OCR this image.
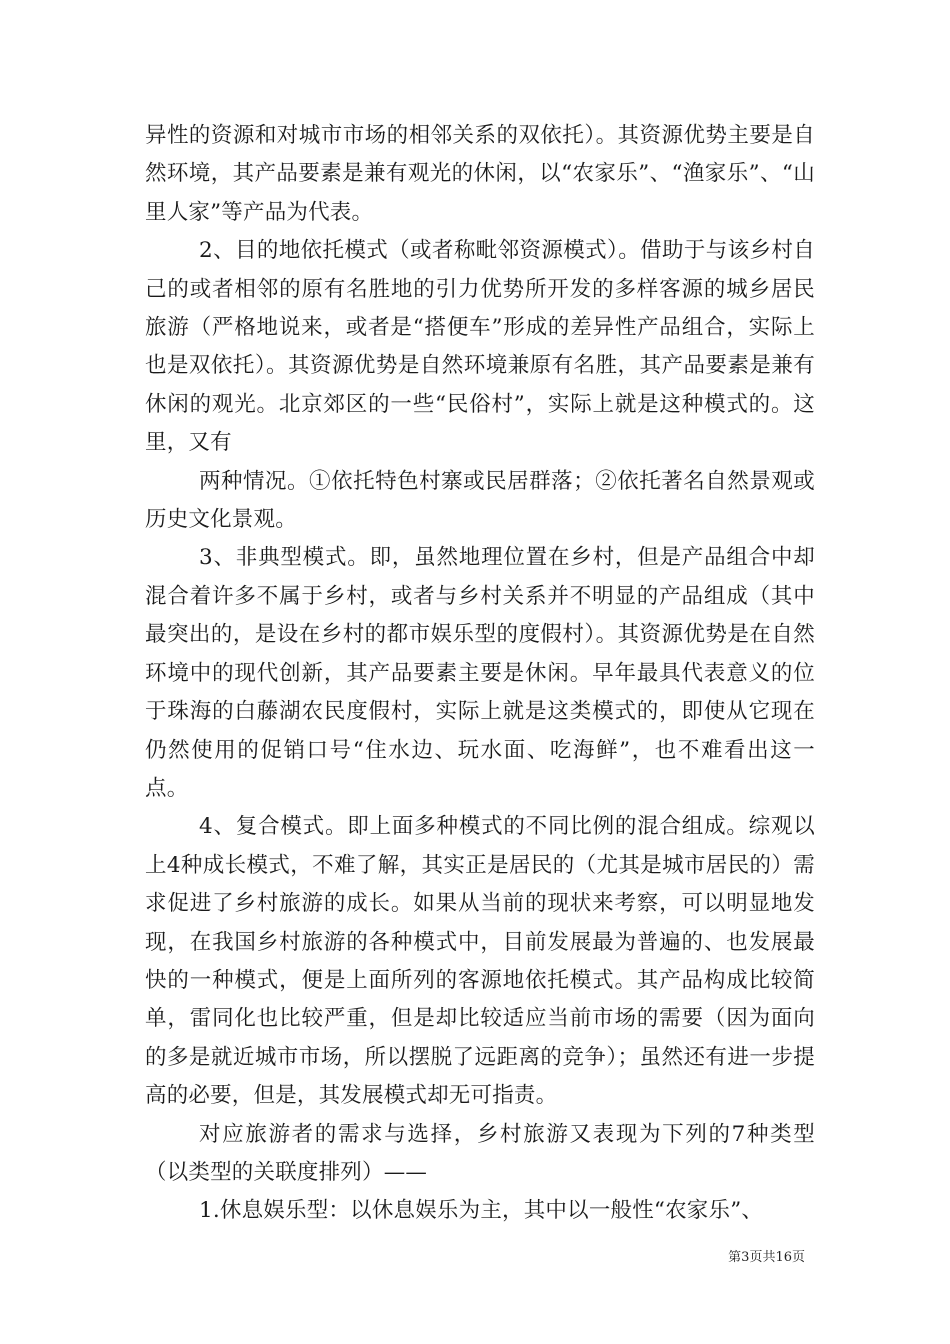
异性的资源和对城市市场的相邻关系的双依托）。其资源优势主要是自然环境，其产品要素是兼有观光的休闲，以“农家乐”、“渔家乐”、“山里人家”等产品为代表。

2、目的地依托模式（或者称毗邻资源模式）。借助于与该乡村自己的或者相邻的原有名胜地的引力优势所开发的多样客源的城乡居民旅游（严格地说来，或者是“搭便车”形成的差异性产品组合，实际上也是双依托）。其资源优势是自然环境兼原有名胜，其产品要素是兼有休闲的观光。北京郊区的一些“民俗村”，实际上就是这种模式的。这里，又有

两种情况。①依托特色村寨或民居群落；②依托著名自然景观或历史文化景观。

3、非典型模式。即，虽然地理位置在乡村，但是产品组合中却混合着许多不属于乡村，或者与乡村关系并不明显的产品组成（其中最突出的，是设在乡村的都市娱乐型的度假村）。其资源优势是在自然环境中的现代创新，其产品要素主要是休闲。早年最具代表意义的位于珠海的白藤湖农民度假村，实际上就是这类模式的，即使从它现在仍然使用的促销口号“住水边、玩水面、吃海鲜”，也不难看出这一点。

4、复合模式。即上面多种模式的不同比例的混合组成。综观以上4种成长模式，不难了解，其实正是居民的（尤其是城市居民的）需求促进了乡村旅游的成长。如果从当前的现状来考察，可以明显地发现，在我国乡村旅游的各种模式中，目前发展最为普遍的、也发展最快的一种模式，便是上面所列的客源地依托模式。其产品构成比较简单，雷同化也比较严重，但是却比较适应当前市场的需要（因为面向的多是就近城市市场，所以摆脱了远距离的竞争）；虽然还有进一步提高的必要，但是，其发展模式却无可指责。

对应旅游者的需求与选择，乡村旅游又表现为下列的7种类型（以类型的关联度排列）——

1.休息娱乐型：以休息娱乐为主，其中以一般性“农家乐”、

第3页共16页
